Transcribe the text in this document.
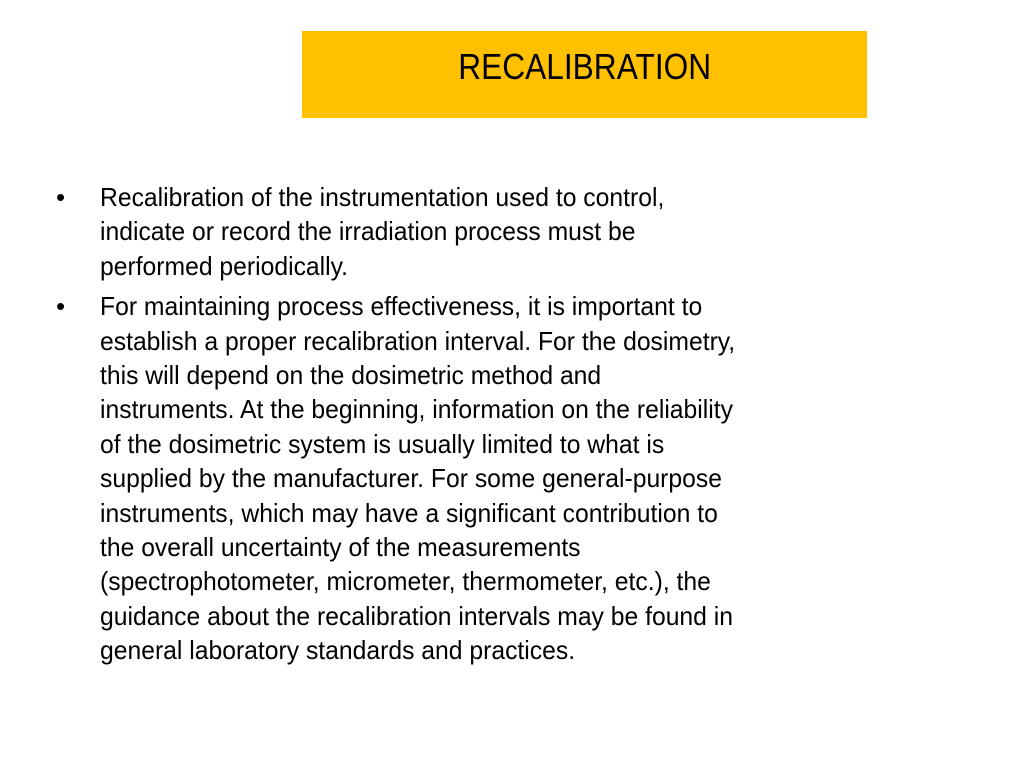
RECALIBRATION
•	Recalibration of the instrumentation used to control,
indicate or record the irradiation process must be
performed periodically.
•	For maintaining process effectiveness, it is important to
establish a proper recalibration interval. For the dosimetry,
this will depend on the dosimetric method and
instruments. At the beginning, information on the reliability
of the dosimetric system is usually limited to what is
supplied by the manufacturer. For some general-purpose
instruments, which may have a significant contribution to
the overall uncertainty of the measurements
(spectrophotometer, micrometer, thermometer, etc.), the
guidance about the recalibration intervals may be found in
general laboratory standards and practices.
